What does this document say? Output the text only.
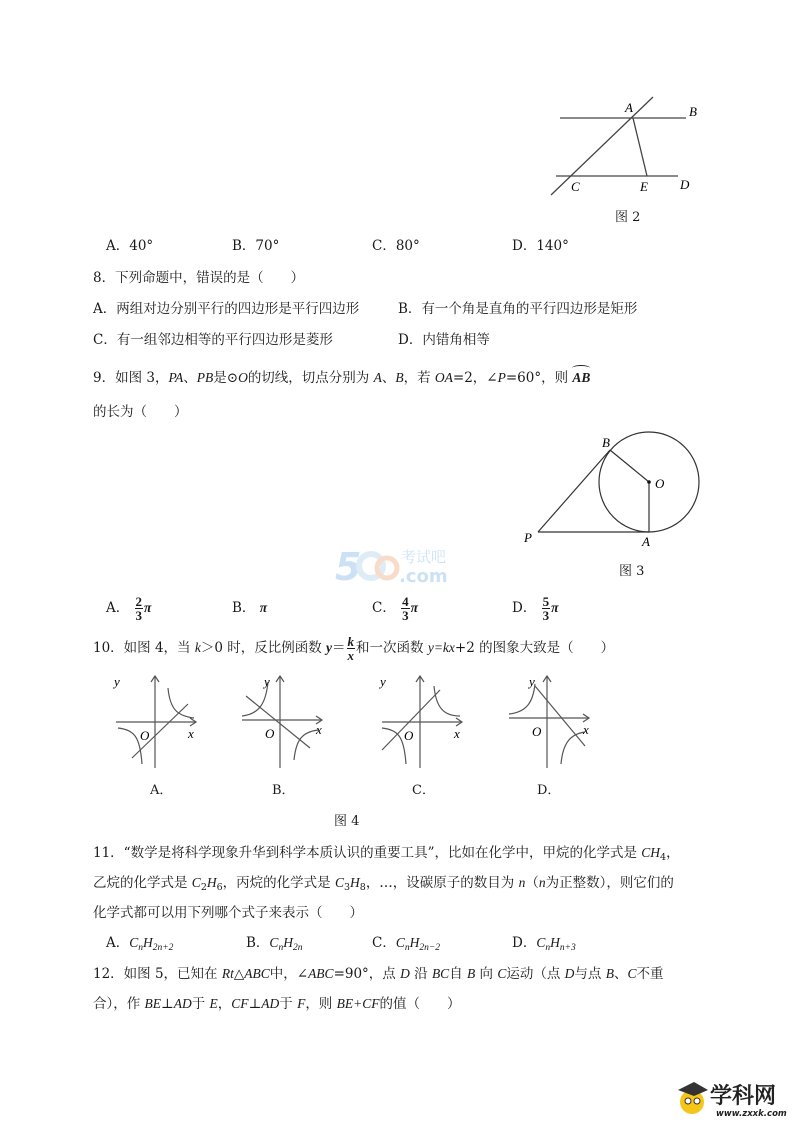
A	B
C	E D
图 2
A．40°	B．70°	C．80°	D．140°
8．下列命题中，错误的是（　　）
A．两组对边分别平行的四边形是平行四边形	B．有一个角是直角的平行四边形是矩形
C．有一组邻边相等的平行四边形是菱形	D．内错角相等
9．如图 3，PA、PB是⊙O的切线，切点分别为 A、B，若 OA=2，∠P=60°，则 AB
的长为（　　）
B
O
P	A
图 3
5	考试吧
.com
A． $\frac{2}{3}$ π	B． π	C． $\frac{4}{3}$ π	D． $\frac{5}{3}$ π
10．如图 4，当 k＞0 时，反比例函数 $y= \frac{k}{x}$ 和一次函数 y=kx+2 的图象大致是（　　）
y
x
O
y
x
O
y
x
O
y
x
O
A．	B．	C．	D．
图 4
11．“数学是将科学现象升华到科学本质认识的重要工具”，比如在化学中，甲烷的化学式是 $CH_4$，
乙烷的化学式是 $C_2H_6$，丙烷的化学式是 $C_3H_8$，…，设碳原子的数目为 n（n为正整数），则它们的
化学式都可以用下列哪个式子来表示（　　）
A．$C_nH_{2n+2}$	B．$C_nH_{2n}$	C．$C_nH_{2n-2}$	D．$C_nH_{n+3}$
12．如图 5，已知在 Rt△ABC中，∠ABC=90°，点 D 沿 BC自 B 向 C运动（点 D与点 B、C不重
合），作 BE⊥AD于 E，CF⊥AD于 F，则 BE+CF的值（　　）
学科网
www.zxxk.com
